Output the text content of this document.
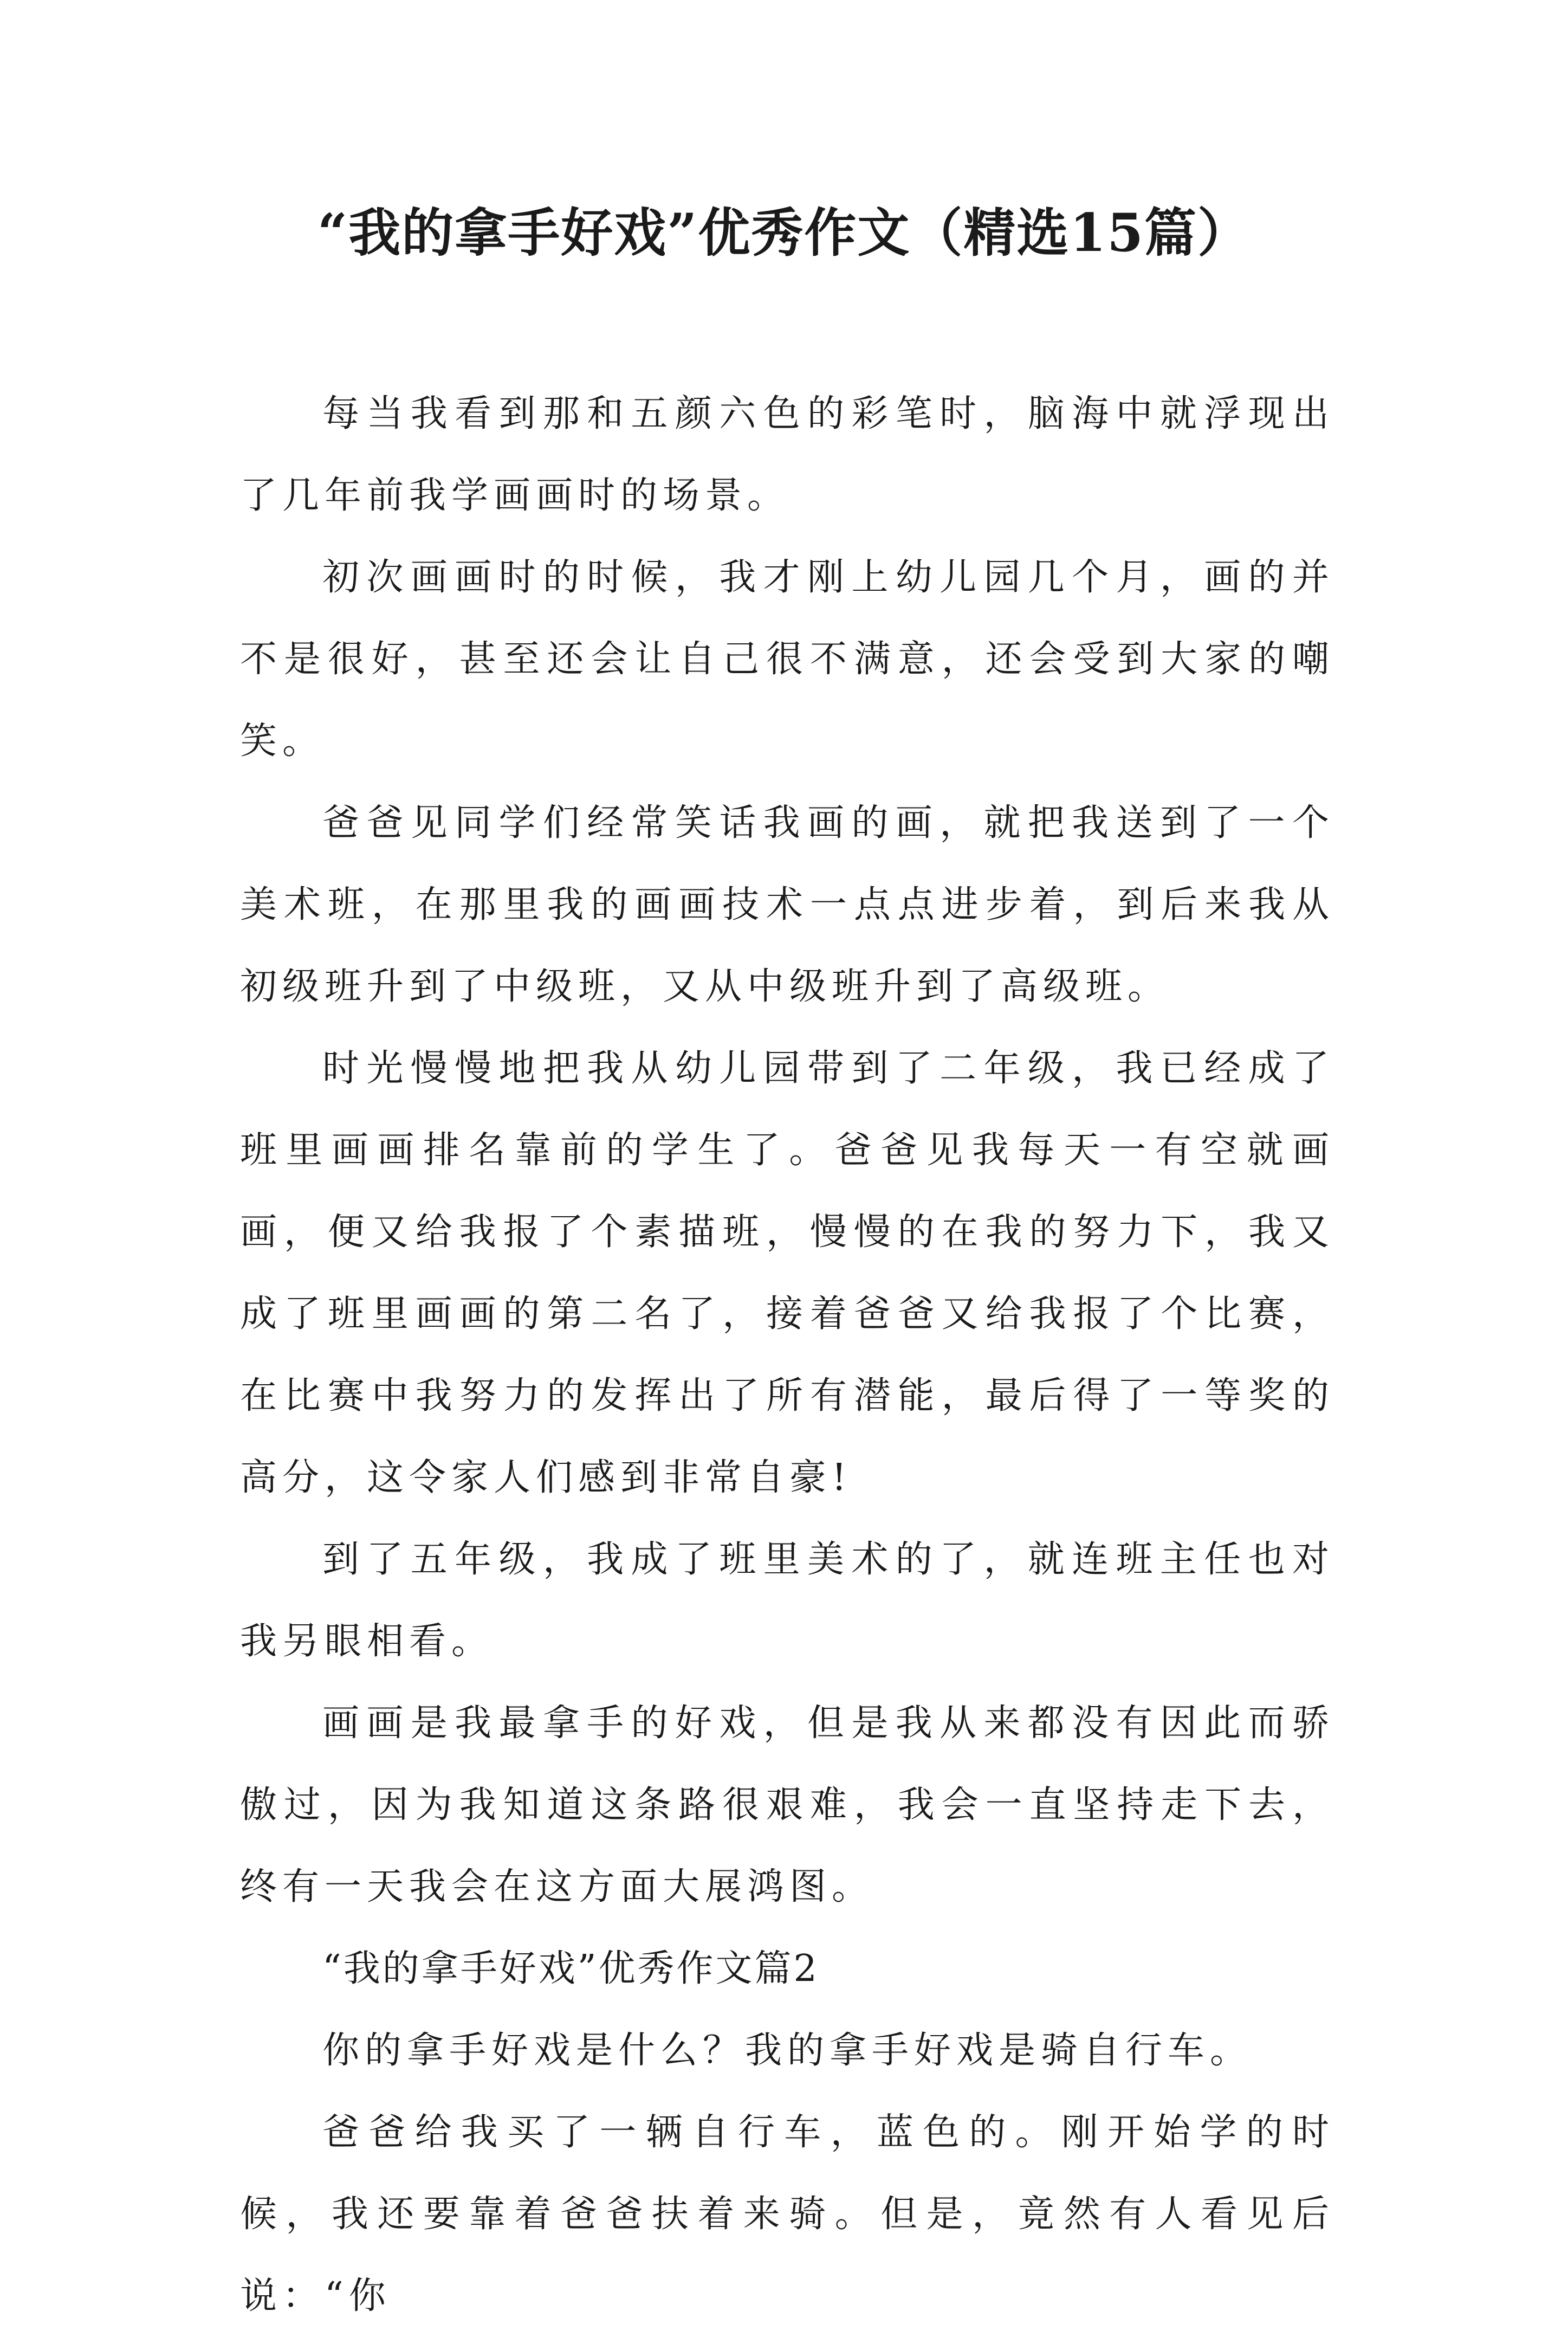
“我的拿手好戏”优秀作文（精选15篇）

每当我看到那和五颜六色的彩笔时，脑海中就浮现出了几年前我学画画时的场景。

初次画画时的时候，我才刚上幼儿园几个月，画的并不是很好，甚至还会让自己很不满意，还会受到大家的嘲笑。

爸爸见同学们经常笑话我画的画，就把我送到了一个美术班，在那里我的画画技术一点点进步着，到后来我从初级班升到了中级班，又从中级班升到了高级班。

时光慢慢地把我从幼儿园带到了二年级，我已经成了班里画画排名靠前的学生了。爸爸见我每天一有空就画画，便又给我报了个素描班，慢慢的在我的努力下，我又成了班里画画的第二名了，接着爸爸又给我报了个比赛，在比赛中我努力的发挥出了所有潜能，最后得了一等奖的高分，这令家人们感到非常自豪!

到了五年级，我成了班里美术的了，就连班主任也对我另眼相看。

画画是我最拿手的好戏，但是我从来都没有因此而骄傲过，因为我知道这条路很艰难，我会一直坚持走下去，终有一天我会在这方面大展鸿图。

“我的拿手好戏”优秀作文篇2

你的拿手好戏是什么？我的拿手好戏是骑自行车。

爸爸给我买了一辆自行车，蓝色的。刚开始学的时候，我还要靠着爸爸扶着来骑。但是，竟然有人看见后说：“你
